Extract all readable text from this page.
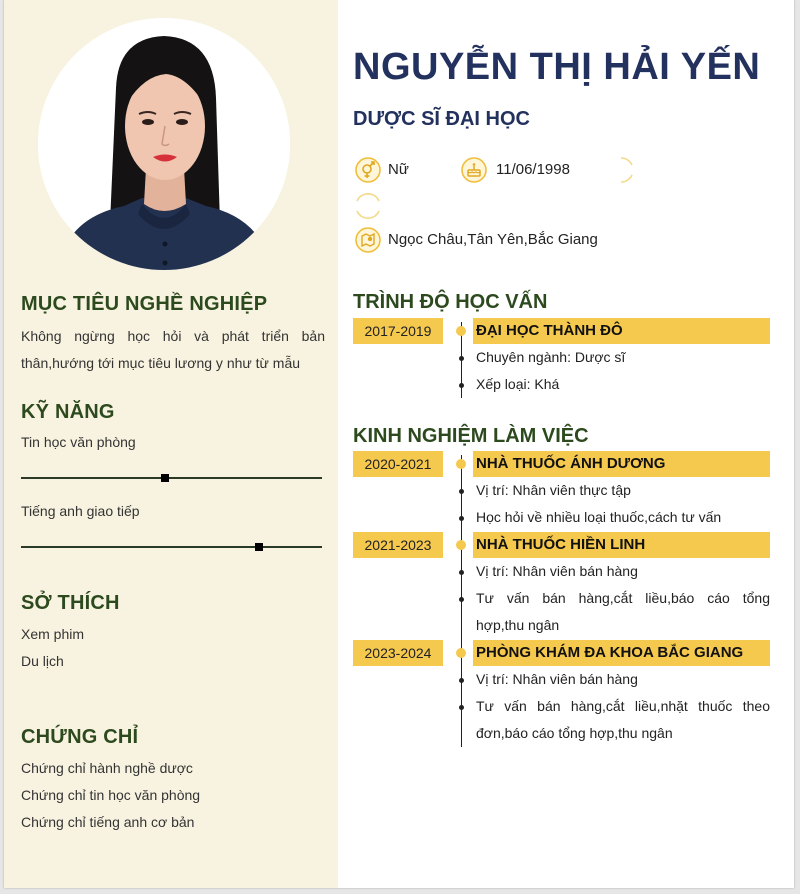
MỤC TIÊU NGHỀ NGHIỆP
Không ngừng học hỏi và phát triển bản
thân,hướng tới mục tiêu lương y như từ mẫu
KỸ NĂNG
Tin học văn phòng
Tiếng anh giao tiếp
SỞ THÍCH
Xem phim
Du lịch
CHỨNG CHỈ
Chứng chỉ hành nghề dược
Chứng chỉ tin học văn phòng
Chứng chỉ tiếng anh cơ bản
NGUYỄN THỊ HẢI YẾN
DƯỢC SĨ ĐẠI HỌC
Nữ	11/06/1998
Ngọc Châu,Tân Yên,Bắc Giang
TRÌNH ĐỘ HỌC VẤN
2017-2019	ĐẠI HỌC THÀNH ĐÔ
Chuyên ngành: Dược sĩ
Xếp loại: Khá
KINH NGHIỆM LÀM VIỆC
2020-2021	NHÀ THUỐC ÁNH DƯƠNG
Vị trí: Nhân viên thực tập
Học hỏi về nhiều loại thuốc,cách tư vấn
2021-2023	NHÀ THUỐC HIỀN LINH
Vị trí: Nhân viên bán hàng
Tư vấn bán hàng,cắt liều,báo cáo tổng
hợp,thu ngân
2023-2024	PHÒNG KHÁM ĐA KHOA BẮC GIANG
Vị trí: Nhân viên bán hàng
Tư vấn bán hàng,cắt liều,nhặt thuốc theo
đơn,báo cáo tổng hợp,thu ngân
